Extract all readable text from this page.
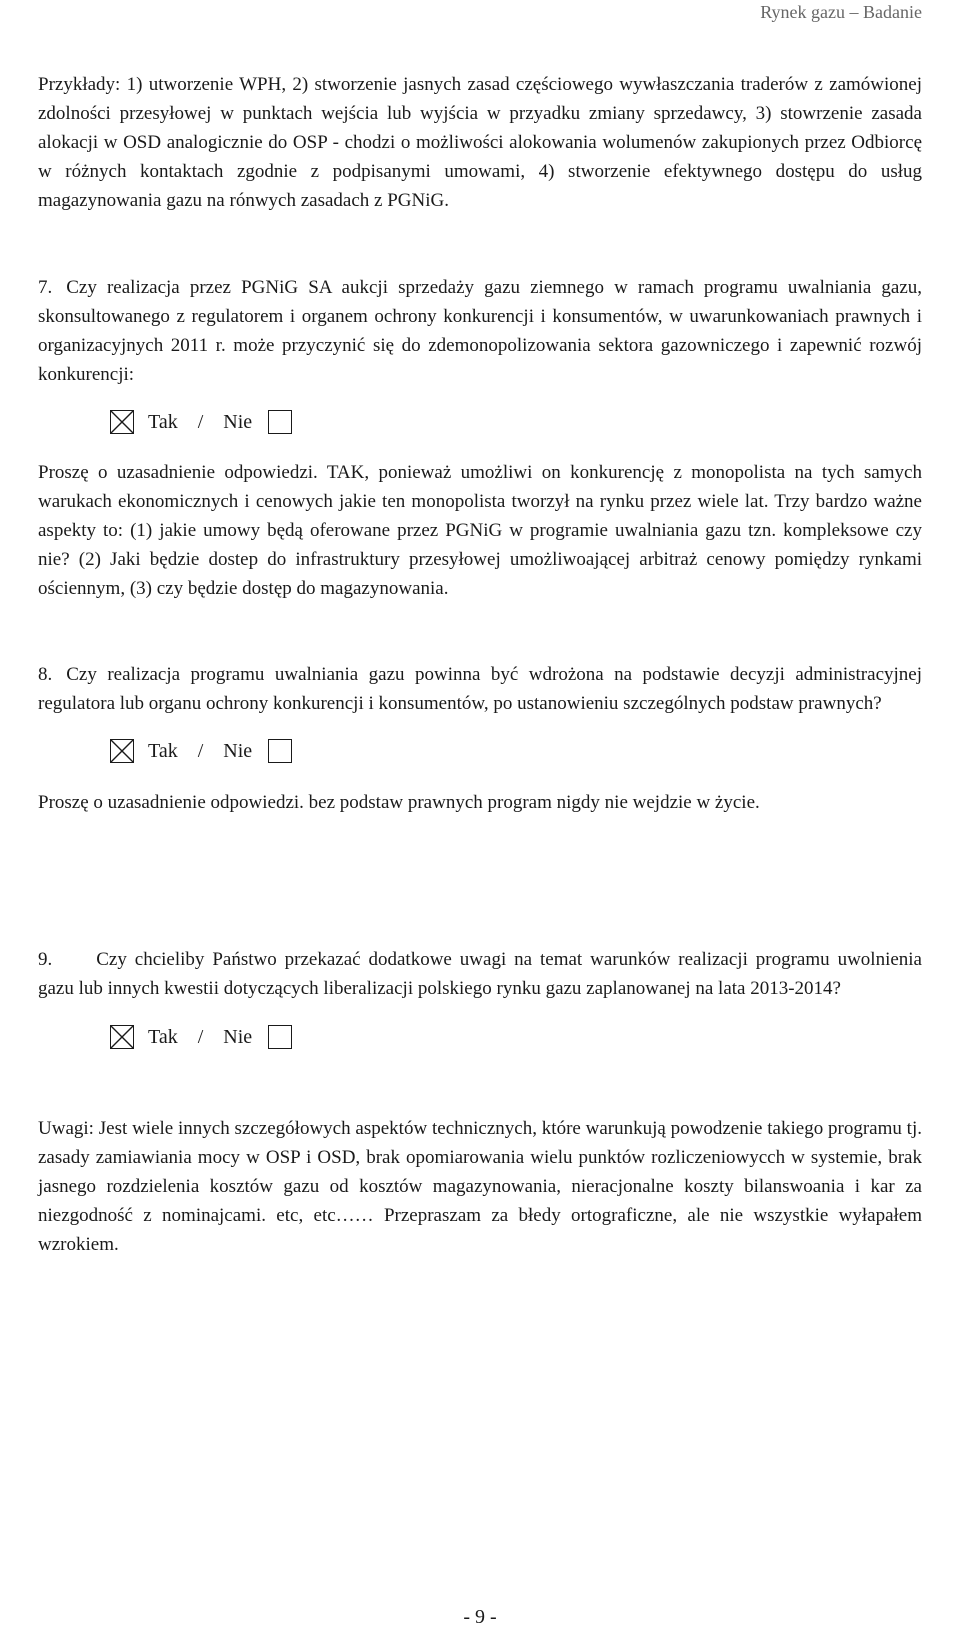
Rynek gazu – Badanie

Przykłady: 1) utworzenie WPH, 2) stworzenie jasnych zasad częściowego wywłaszczania traderów z zamówionej zdolności przesyłowej w punktach wejścia lub wyjścia w przyadku zmiany sprzedawcy, 3) stowrzenie zasada alokacji w OSD analogicznie do OSP - chodzi o możliwości alokowania wolumenów zakupionych przez Odbiorcę w różnych kontaktach zgodnie z podpisanymi umowami, 4) stworzenie efektywnego dostępu do usług magazynowania gazu na rónwych zasadach z PGNiG.

7. Czy realizacja przez PGNiG SA aukcji sprzedaży gazu ziemnego w ramach programu uwalniania gazu, skonsultowanego z regulatorem i organem ochrony konkurencji i konsumentów, w uwarunkowaniach prawnych i organizacyjnych 2011 r. może przyczynić się do zdemonopolizowania sektora gazowniczego i zapewnić rozwój konkurencji:

Tak / Nie

Proszę o uzasadnienie odpowiedzi. TAK, ponieważ umożliwi on konkurencję z monopolista na tych samych warukach ekonomicznych i cenowych jakie ten monopolista tworzył na rynku przez wiele lat. Trzy bardzo ważne aspekty to: (1) jakie umowy będą oferowane przez PGNiG w programie uwalniania gazu tzn. kompleksowe czy nie? (2) Jaki będzie dostep do infrastruktury przesyłowej umożliwoającej arbitraż cenowy pomiędzy rynkami ościennym, (3) czy będzie dostęp do magazynowania.

8. Czy realizacja programu uwalniania gazu powinna być wdrożona na podstawie decyzji administracyjnej regulatora lub organu ochrony konkurencji i konsumentów, po ustanowieniu szczególnych podstaw prawnych?

Tak / Nie

Proszę o uzasadnienie odpowiedzi. bez podstaw prawnych program nigdy nie wejdzie w życie.

9. Czy chcieliby Państwo przekazać dodatkowe uwagi na temat warunków realizacji programu uwolnienia gazu lub innych kwestii dotyczących liberalizacji polskiego rynku gazu zaplanowanej na lata 2013-2014?

Tak / Nie

Uwagi: Jest wiele innych szczegółowych aspektów technicznych, które warunkują powodzenie takiego programu tj. zasady zamiawiania mocy w OSP i OSD, brak opomiarowania wielu punktów rozliczeniowycch w systemie, brak jasnego rozdzielenia kosztów gazu od kosztów magazynowania, nieracjonalne koszty bilanswoania i kar za niezgodność z nominajcami. etc, etc…… Przepraszam za błedy ortograficzne, ale nie wszystkie wyłapałem wzrokiem.

- 9 -
